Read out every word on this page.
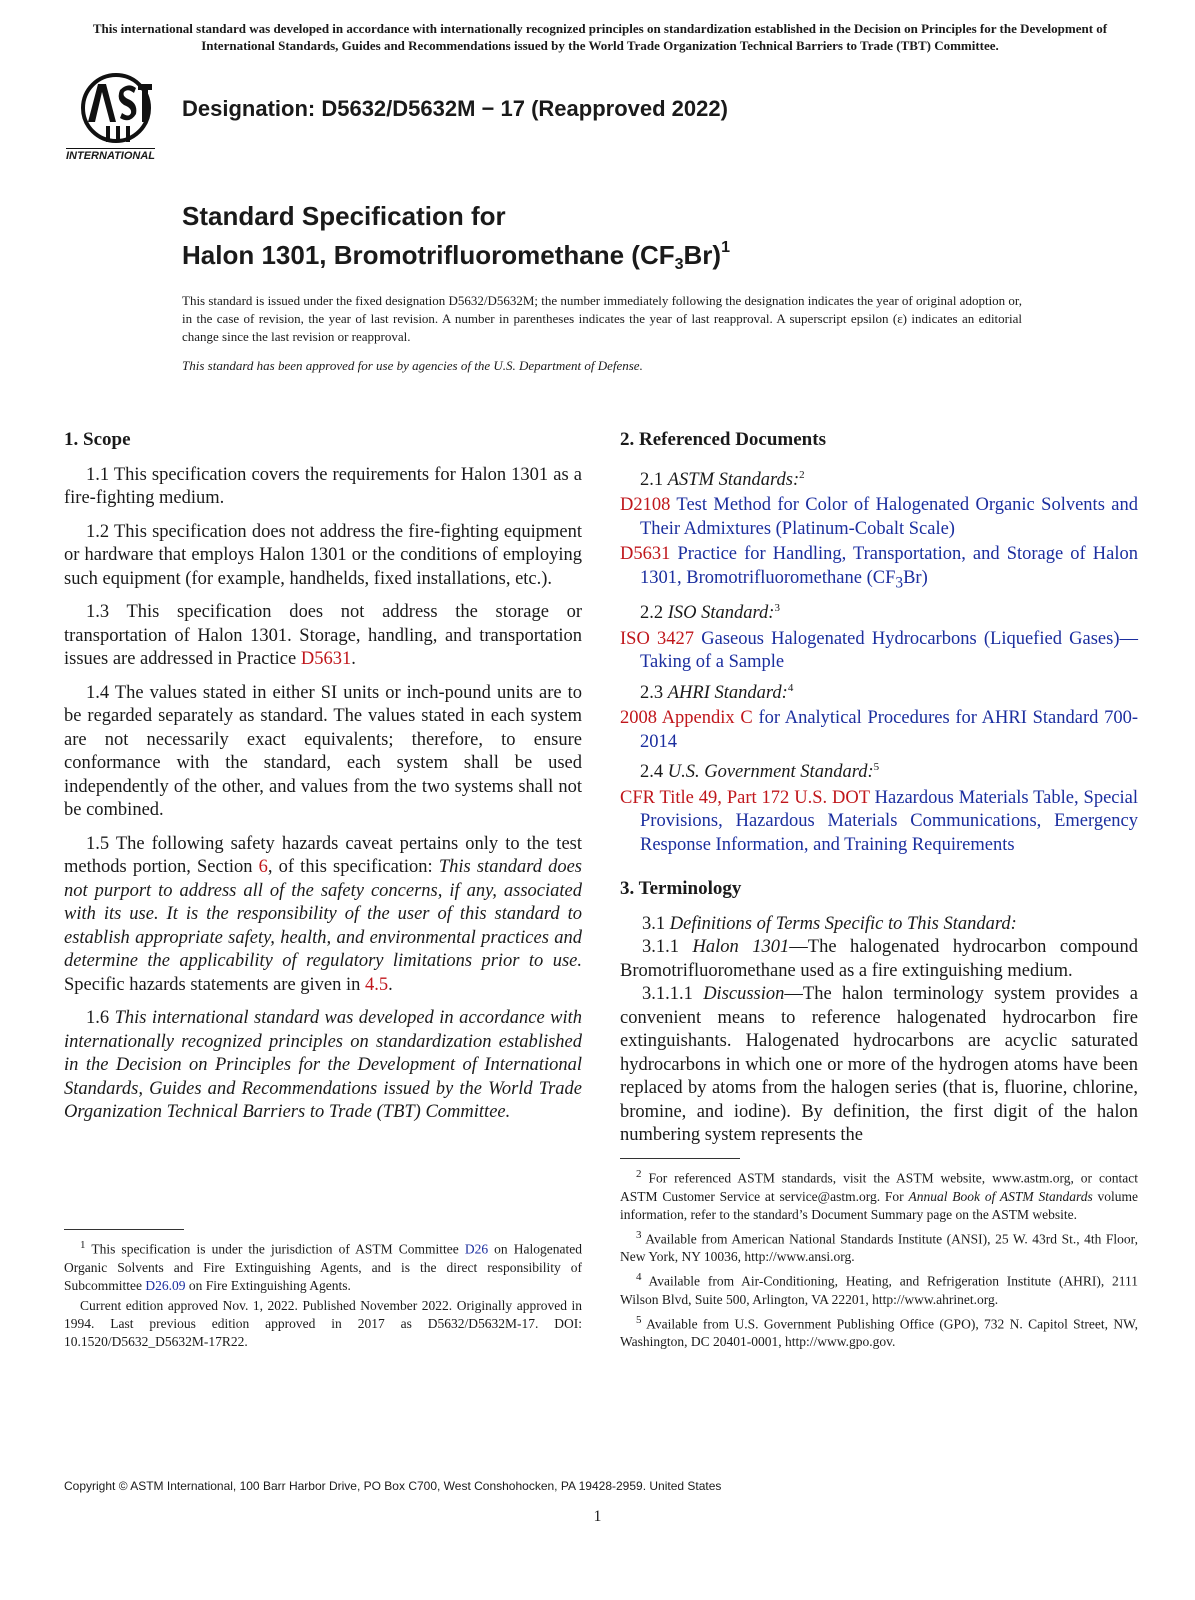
This international standard was developed in accordance with internationally recognized principles on standardization established in the Decision on Principles for the Development of International Standards, Guides and Recommendations issued by the World Trade Organization Technical Barriers to Trade (TBT) Committee.
INTERNATIONAL
Designation: D5632/D5632M − 17 (Reapproved 2022)
Standard Specification for
Halon 1301, Bromotrifluoromethane $(CF_3Br)^1$
This standard is issued under the fixed designation D5632/D5632M; the number immediately following the designation indicates the year of original adoption or, in the case of revision, the year of last revision. A number in parentheses indicates the year of last reapproval. A superscript epsilon (ε) indicates an editorial change since the last revision or reapproval.
This standard has been approved for use by agencies of the U.S. Department of Defense.
1. Scope

1.1 This specification covers the requirements for Halon 1301 as a fire-fighting medium.

1.2 This specification does not address the fire-fighting equipment or hardware that employs Halon 1301 or the conditions of employing such equipment (for example, handhelds, fixed installations, etc.).

1.3 This specification does not address the storage or transportation of Halon 1301. Storage, handling, and transportation issues are addressed in Practice D5631.

1.4 The values stated in either SI units or inch-pound units are to be regarded separately as standard. The values stated in each system are not necessarily exact equivalents; therefore, to ensure conformance with the standard, each system shall be used independently of the other, and values from the two systems shall not be combined.

1.5 The following safety hazards caveat pertains only to the test methods portion, Section 6, of this specification: This standard does not purport to address all of the safety concerns, if any, associated with its use. It is the responsibility of the user of this standard to establish appropriate safety, health, and environmental practices and determine the applicability of regulatory limitations prior to use. Specific hazards statements are given in 4.5.

1.6 This international standard was developed in accordance with internationally recognized principles on standardization established in the Decision on Principles for the Development of International Standards, Guides and Recommendations issued by the World Trade Organization Technical Barriers to Trade (TBT) Committee.

$^1$ This specification is under the jurisdiction of ASTM Committee D26 on Halogenated Organic Solvents and Fire Extinguishing Agents, and is the direct responsibility of Subcommittee D26.09 on Fire Extinguishing Agents.
Current edition approved Nov. 1, 2022. Published November 2022. Originally approved in 1994. Last previous edition approved in 2017 as D5632/D5632M-17. DOI: 10.1520/D5632_D5632M-17R22.
2. Referenced Documents
2.1 ASTM Standards:$^2$
D2108 Test Method for Color of Halogenated Organic Solvents and Their Admixtures (Platinum-Cobalt Scale)
D5631 Practice for Handling, Transportation, and Storage of Halon 1301, Bromotrifluoromethane $(CF_3Br)$
2.2 ISO Standard:$^3$
ISO 3427 Gaseous Halogenated Hydrocarbons (Liquefied Gases)—Taking of a Sample
2.3 AHRI Standard:$^4$
2008 Appendix C for Analytical Procedures for AHRI Standard 700-2014
2.4 U.S. Government Standard:$^5$
CFR Title 49, Part 172 U.S. DOT Hazardous Materials Table, Special Provisions, Hazardous Materials Communications, Emergency Response Information, and Training Requirements
3. Terminology

3.1 Definitions of Terms Specific to This Standard:

3.1.1 Halon 1301—The halogenated hydrocarbon compound Bromotrifluoromethane used as a fire extinguishing medium.

3.1.1.1 Discussion—The halon terminology system provides a convenient means to reference halogenated hydrocarbon fire extinguishants. Halogenated hydrocarbons are acyclic saturated hydrocarbons in which one or more of the hydrogen atoms have been replaced by atoms from the halogen series (that is, fluorine, chlorine, bromine, and iodine). By definition, the first digit of the halon numbering system represents the

$^2$ For referenced ASTM standards, visit the ASTM website, www.astm.org, or contact ASTM Customer Service at service@astm.org. For Annual Book of ASTM Standards volume information, refer to the standard’s Document Summary page on the ASTM website.
$^3$ Available from American National Standards Institute (ANSI), 25 W. 43rd St., 4th Floor, New York, NY 10036, http://www.ansi.org.
$^4$ Available from Air-Conditioning, Heating, and Refrigeration Institute (AHRI), 2111 Wilson Blvd, Suite 500, Arlington, VA 22201, http://www.ahrinet.org.
$^5$ Available from U.S. Government Publishing Office (GPO), 732 N. Capitol Street, NW, Washington, DC 20401-0001, http://www.gpo.gov.
Copyright © ASTM International, 100 Barr Harbor Drive, PO Box C700, West Conshohocken, PA 19428-2959. United States
1
